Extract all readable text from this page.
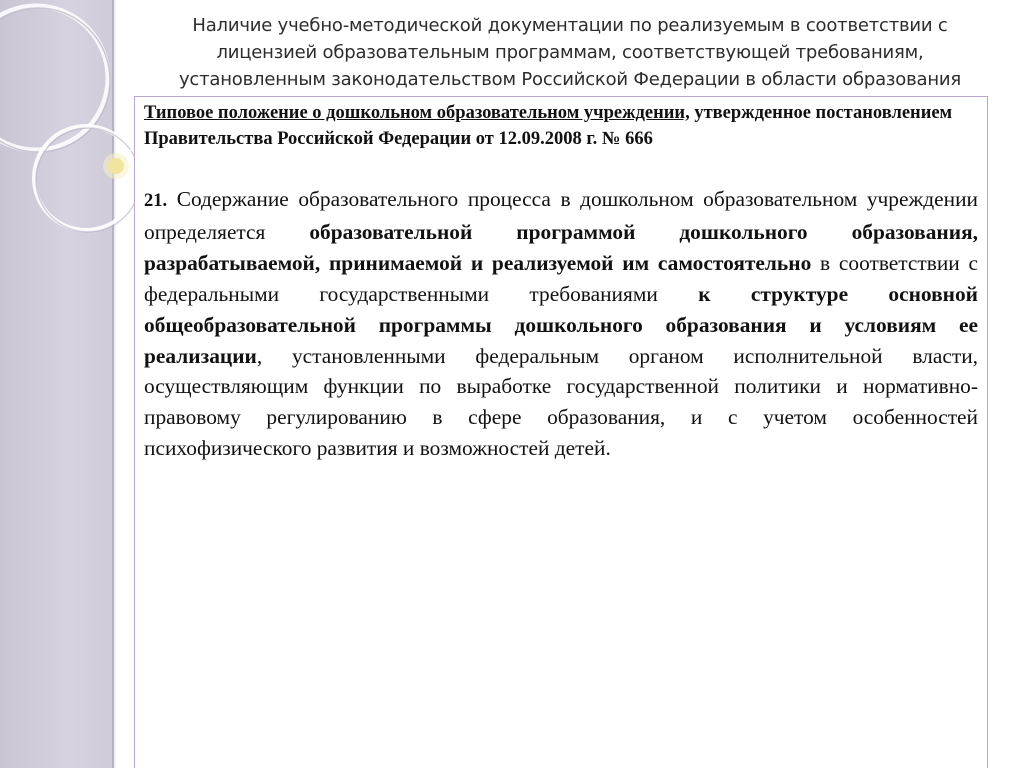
Наличие учебно-методической документации по реализуемым в соответствии с
лицензией образовательным программам, соответствующей требованиям,
установленным законодательством Российской Федерации в области образования
Типовое положение о дошкольном образовательном учреждении, утвержденное постановлением Правительства Российской Федерации от 12.09.2008 г. № 666
21. Содержание образовательного процесса в дошкольном образовательном учреждении определяется образовательной программой дошкольного образования, разрабатываемой, принимаемой и реализуемой им самостоятельно в соответствии с федеральными государственными требованиями к структуре основной общеобразовательной программы дошкольного образования и условиям ее реализации, установленными федеральным органом исполнительной власти, осуществляющим функции по выработке государственной политики и нормативно-правовому регулированию в сфере образования, и с учетом особенностей психофизического развития и возможностей детей.
